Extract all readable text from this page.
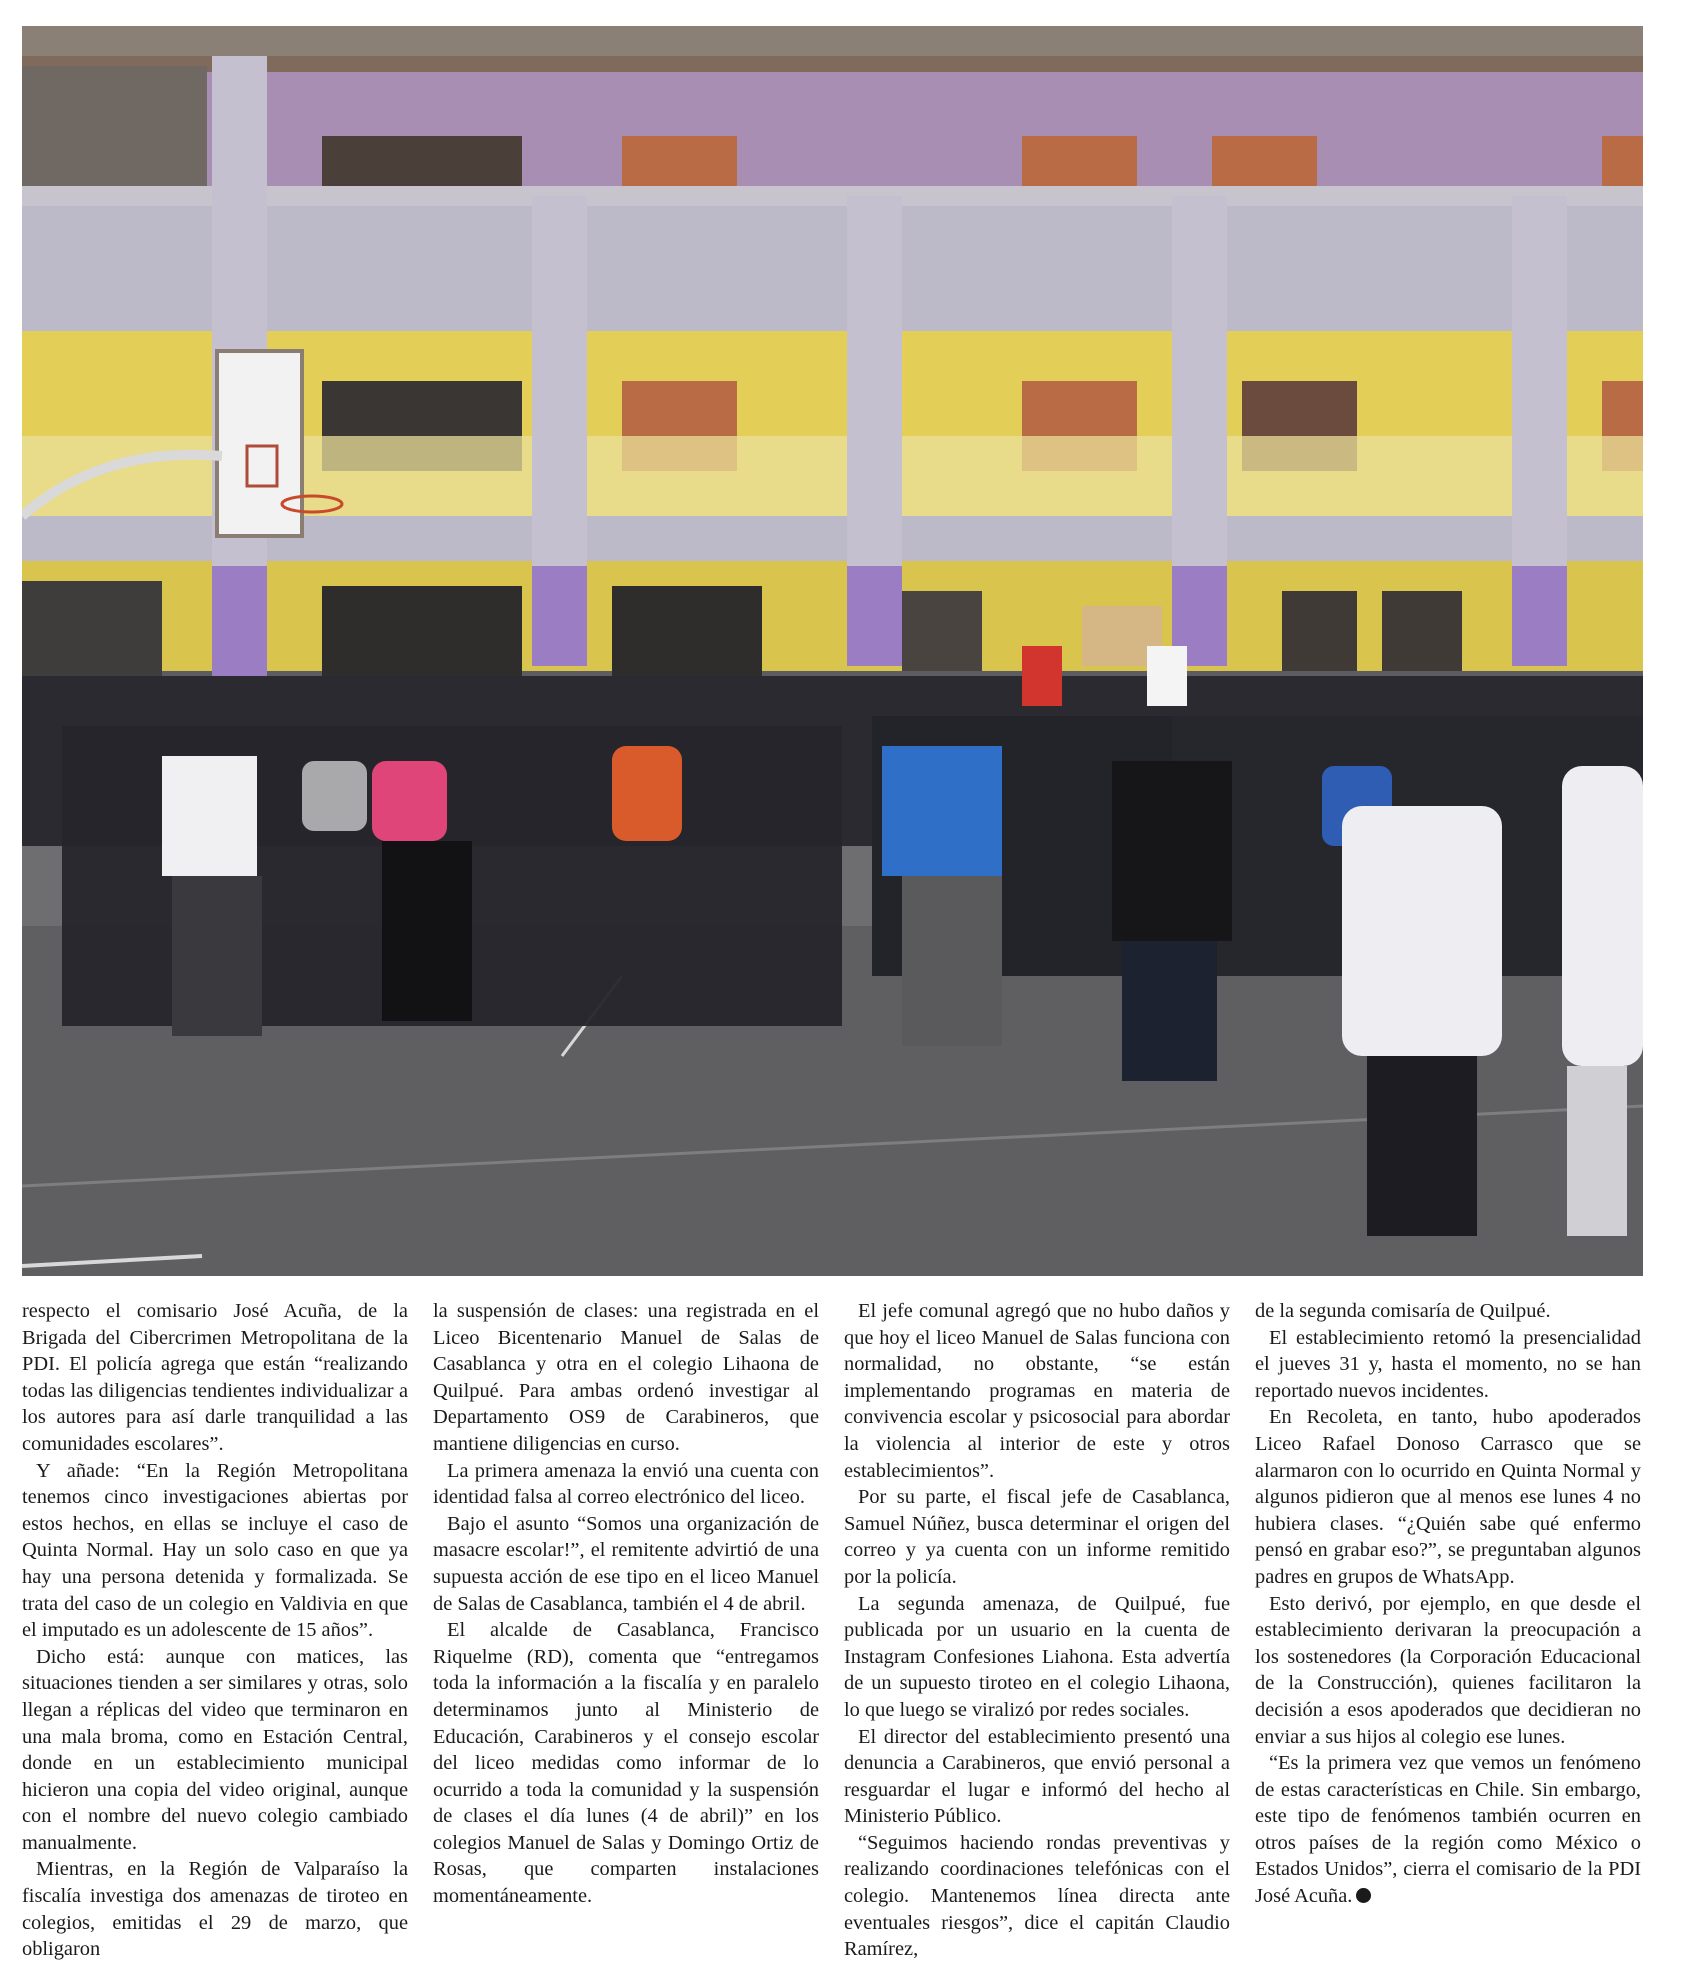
respecto el comisario José Acuña, de la Brigada del Cibercrimen Metropolitana de la PDI. El policía agrega que están “realizando todas las diligencias tendientes individualizar a los autores para así darle tranquilidad a las comunidades escolares”.

Y añade: “En la Región Metropolitana tenemos cinco investigaciones abiertas por estos hechos, en ellas se incluye el caso de Quinta Normal. Hay un solo caso en que ya hay una persona detenida y formalizada. Se trata del caso de un colegio en Valdivia en que el imputado es un adolescente de 15 años”.

Dicho está: aunque con matices, las situaciones tienden a ser similares y otras, solo llegan a réplicas del video que terminaron en una mala broma, como en Estación Central, donde en un establecimiento municipal hicieron una copia del video original, aunque con el nombre del nuevo colegio cambiado manualmente.

Mientras, en la Región de Valparaíso la fiscalía investiga dos amenazas de tiroteo en colegios, emitidas el 29 de marzo, que obligaron

la suspensión de clases: una registrada en el Liceo Bicentenario Manuel de Salas de Casablanca y otra en el colegio Lihaona de Quilpué. Para ambas ordenó investigar al Departamento OS9 de Carabineros, que mantiene diligencias en curso.

La primera amenaza la envió una cuenta con identidad falsa al correo electrónico del liceo.

Bajo el asunto “Somos una organización de masacre escolar!”, el remitente advirtió de una supuesta acción de ese tipo en el liceo Manuel de Salas de Casablanca, también el 4 de abril.

El alcalde de Casablanca, Francisco Riquelme (RD), comenta que “entregamos toda la información a la fiscalía y en paralelo determinamos junto al Ministerio de Educación, Carabineros y el consejo escolar del liceo medidas como informar de lo ocurrido a toda la comunidad y la suspensión de clases el día lunes (4 de abril)” en los colegios Manuel de Salas y Domingo Ortiz de Rosas, que comparten instalaciones momentáneamente.

El jefe comunal agregó que no hubo daños y que hoy el liceo Manuel de Salas funciona con normalidad, no obstante, “se están implementando programas en materia de convivencia escolar y psicosocial para abordar la violencia al interior de este y otros establecimientos”.

Por su parte, el fiscal jefe de Casablanca, Samuel Núñez, busca determinar el origen del correo y ya cuenta con un informe remitido por la policía.

La segunda amenaza, de Quilpué, fue publicada por un usuario en la cuenta de Instagram Confesiones Liahona. Esta advertía de un supuesto tiroteo en el colegio Lihaona, lo que luego se viralizó por redes sociales.

El director del establecimiento presentó una denuncia a Carabineros, que envió personal a resguardar el lugar e informó del hecho al Ministerio Público.

“Seguimos haciendo rondas preventivas y realizando coordinaciones telefónicas con el colegio. Mantenemos línea directa ante eventuales riesgos”, dice el capitán Claudio Ramírez,

de la segunda comisaría de Quilpué.

El establecimiento retomó la presencialidad el jueves 31 y, hasta el momento, no se han reportado nuevos incidentes.

En Recoleta, en tanto, hubo apoderados Liceo Rafael Donoso Carrasco que se alarmaron con lo ocurrido en Quinta Normal y algunos pidieron que al menos ese lunes 4 no hubiera clases. “¿Quién sabe qué enfermo pensó en grabar eso?”, se preguntaban algunos padres en grupos de WhatsApp.

Esto derivó, por ejemplo, en que desde el establecimiento derivaran la preocupación a los sostenedores (la Corporación Educacional de la Construcción), quienes facilitaron la decisión a esos apoderados que decidieran no enviar a sus hijos al colegio ese lunes.

“Es la primera vez que vemos un fenómeno de estas características en Chile. Sin embargo, este tipo de fenómenos también ocurren en otros países de la región como México o Estados Unidos”, cierra el comisario de la PDI José Acuña.
